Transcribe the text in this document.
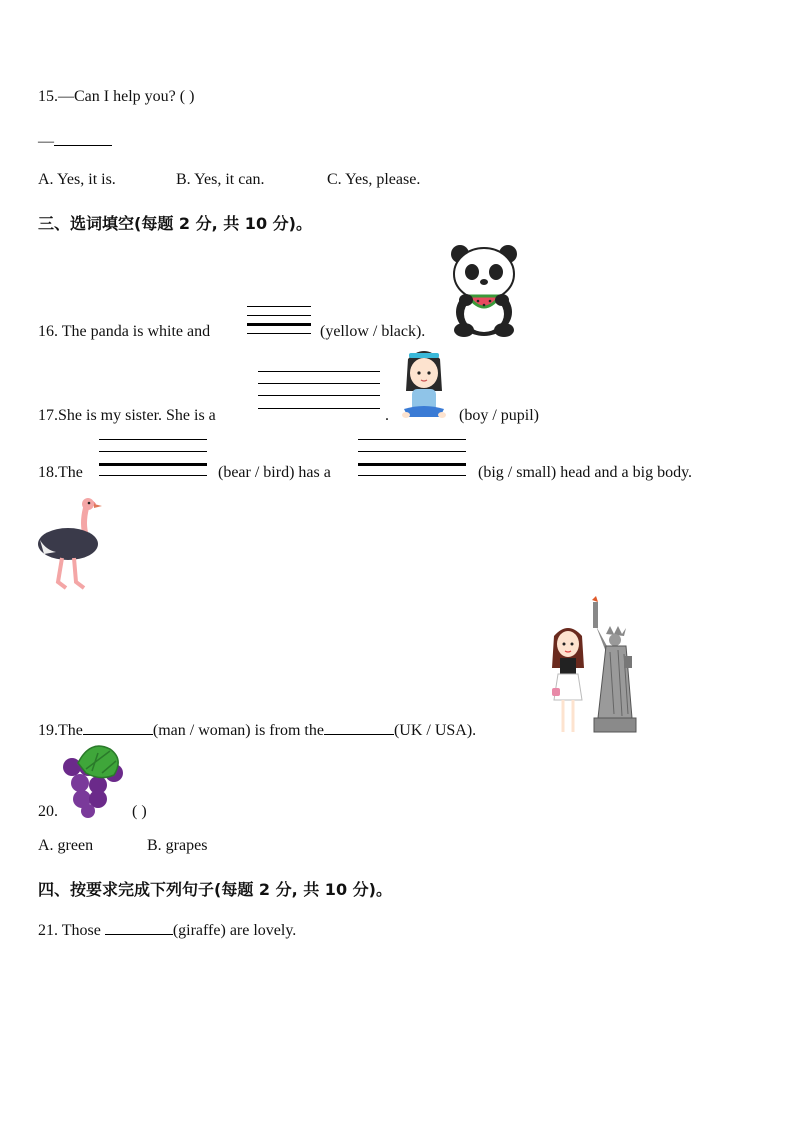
15.—Can I help you? ( )
—
A. Yes, it is.	B. Yes, it can.	C. Yes, please.
三、选词填空(每题 2 分, 共 10 分)。
16. The panda is white and	(yellow / black).
17.She is my sister. She is a	.	(boy / pupil)
18.The	(bear / bird) has a	(big / small) head and a big body.
19.The	(man / woman) is from the	(UK / USA).
20.	( )
A. green	B. grapes
四、按要求完成下列句子(每题 2 分, 共 10 分)。
21. Those	(giraffe) are lovely.
